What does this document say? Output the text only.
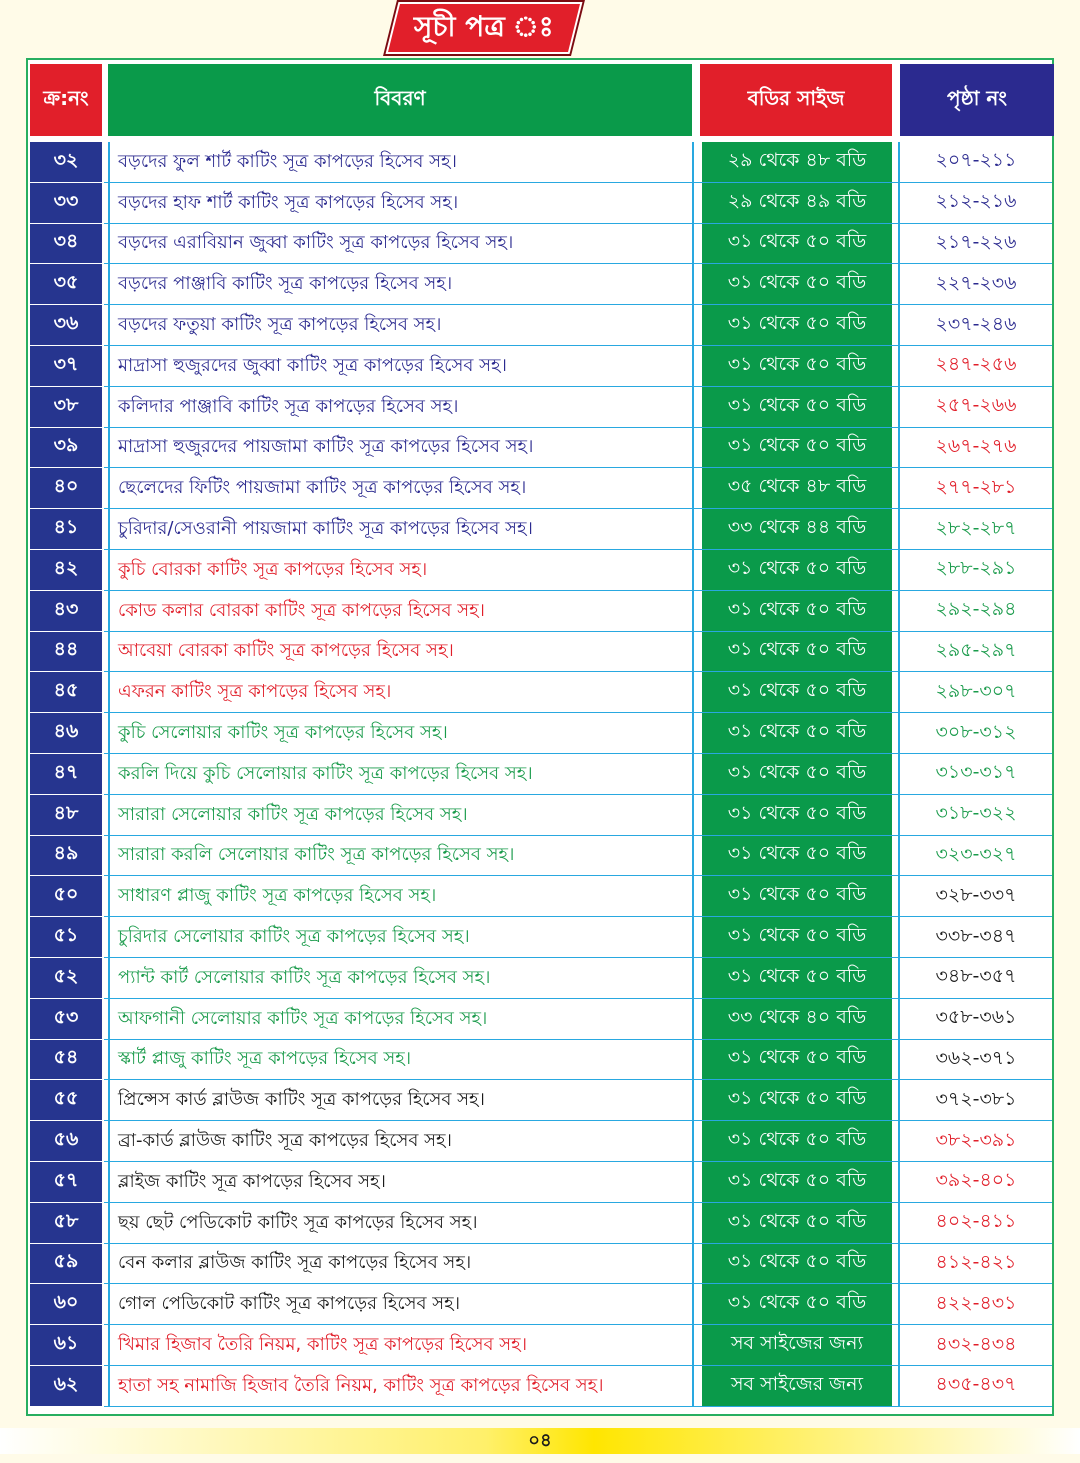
সূচী পত্র ঃ
ক্র:নং	বিবরণ	বডির সাইজ	পৃষ্ঠা নং
৩২	বড়দের ফুল শার্ট কাটিং সূত্র কাপড়ের হিসেব সহ।	২৯ থেকে ৪৮ বডি	২০৭-২১১
৩৩	বড়দের হাফ শার্ট কাটিং সূত্র কাপড়ের হিসেব সহ।	২৯ থেকে ৪৯ বডি	২১২-২১৬
৩৪	বড়দের এরাবিয়ান জুব্বা কাটিং সূত্র কাপড়ের হিসেব সহ।	৩১ থেকে ৫০ বডি	২১৭-২২৬
৩৫	বড়দের পাঞ্জাবি কাটিং সূত্র কাপড়ের হিসেব সহ।	৩১ থেকে ৫০ বডি	২২৭-২৩৬
৩৬	বড়দের ফতুয়া কাটিং সূত্র কাপড়ের হিসেব সহ।	৩১ থেকে ৫০ বডি	২৩৭-২৪৬
৩৭	মাদ্রাসা হুজুরদের জুব্বা কাটিং সূত্র কাপড়ের হিসেব সহ।	৩১ থেকে ৫০ বডি	২৪৭-২৫৬
৩৮	কলিদার পাঞ্জাবি কাটিং সূত্র কাপড়ের হিসেব সহ।	৩১ থেকে ৫০ বডি	২৫৭-২৬৬
৩৯	মাদ্রাসা হুজুরদের পায়জামা কাটিং সূত্র কাপড়ের হিসেব সহ।	৩১ থেকে ৫০ বডি	২৬৭-২৭৬
৪০	ছেলেদের ফিটিং পায়জামা কাটিং সূত্র কাপড়ের হিসেব সহ।	৩৫ থেকে ৪৮ বডি	২৭৭-২৮১
৪১	চুরিদার/সেওরানী পায়জামা কাটিং সূত্র কাপড়ের হিসেব সহ।	৩৩ থেকে ৪৪ বডি	২৮২-২৮৭
৪২	কুচি বোরকা কাটিং সূত্র কাপড়ের হিসেব সহ।	৩১ থেকে ৫০ বডি	২৮৮-২৯১
৪৩	কোড কলার বোরকা কাটিং সূত্র কাপড়ের হিসেব সহ।	৩১ থেকে ৫০ বডি	২৯২-২৯৪
৪৪	আবেয়া বোরকা কাটিং সূত্র কাপড়ের হিসেব সহ।	৩১ থেকে ৫০ বডি	২৯৫-২৯৭
৪৫	এফরন কাটিং সূত্র কাপড়ের হিসেব সহ।	৩১ থেকে ৫০ বডি	২৯৮-৩০৭
৪৬	কুচি সেলোয়ার কাটিং সূত্র কাপড়ের হিসেব সহ।	৩১ থেকে ৫০ বডি	৩০৮-৩১২
৪৭	করলি দিয়ে কুচি সেলোয়ার কাটিং সূত্র কাপড়ের হিসেব সহ।	৩১ থেকে ৫০ বডি	৩১৩-৩১৭
৪৮	সারারা সেলোয়ার কাটিং সূত্র কাপড়ের হিসেব সহ।	৩১ থেকে ৫০ বডি	৩১৮-৩২২
৪৯	সারারা করলি সেলোয়ার কাটিং সূত্র কাপড়ের হিসেব সহ।	৩১ থেকে ৫০ বডি	৩২৩-৩২৭
৫০	সাধারণ প্লাজু কাটিং সূত্র কাপড়ের হিসেব সহ।	৩১ থেকে ৫০ বডি	৩২৮-৩৩৭
৫১	চুরিদার সেলোয়ার কাটিং সূত্র কাপড়ের হিসেব সহ।	৩১ থেকে ৫০ বডি	৩৩৮-৩৪৭
৫২	প্যান্ট কার্ট সেলোয়ার কাটিং সূত্র কাপড়ের হিসেব সহ।	৩১ থেকে ৫০ বডি	৩৪৮-৩৫৭
৫৩	আফগানী সেলোয়ার কাটিং সূত্র কাপড়ের হিসেব সহ।	৩৩ থেকে ৪০ বডি	৩৫৮-৩৬১
৫৪	স্কার্ট প্লাজু কাটিং সূত্র কাপড়ের হিসেব সহ।	৩১ থেকে ৫০ বডি	৩৬২-৩৭১
৫৫	প্রিন্সেস কার্ড ব্লাউজ কাটিং সূত্র কাপড়ের হিসেব সহ।	৩১ থেকে ৫০ বডি	৩৭২-৩৮১
৫৬	ব্রা-কার্ড ব্লাউজ কাটিং সূত্র কাপড়ের হিসেব সহ।	৩১ থেকে ৫০ বডি	৩৮২-৩৯১
৫৭	ব্লাইজ কাটিং সূত্র কাপড়ের হিসেব সহ।	৩১ থেকে ৫০ বডি	৩৯২-৪০১
৫৮	ছয় ছেট পেডিকোট কাটিং সূত্র কাপড়ের হিসেব সহ।	৩১ থেকে ৫০ বডি	৪০২-৪১১
৫৯	বেন কলার ব্লাউজ কাটিং সূত্র কাপড়ের হিসেব সহ।	৩১ থেকে ৫০ বডি	৪১২-৪২১
৬০	গোল পেডিকোট কাটিং সূত্র কাপড়ের হিসেব সহ।	৩১ থেকে ৫০ বডি	৪২২-৪৩১
৬১	খিমার হিজাব তৈরি নিয়ম, কাটিং সূত্র কাপড়ের হিসেব সহ।	সব সাইজের জন্য	৪৩২-৪৩৪
৬২	হাতা সহ নামাজি হিজাব তৈরি নিয়ম, কাটিং সূত্র কাপড়ের হিসেব সহ।	সব সাইজের জন্য	৪৩৫-৪৩৭
০৪
